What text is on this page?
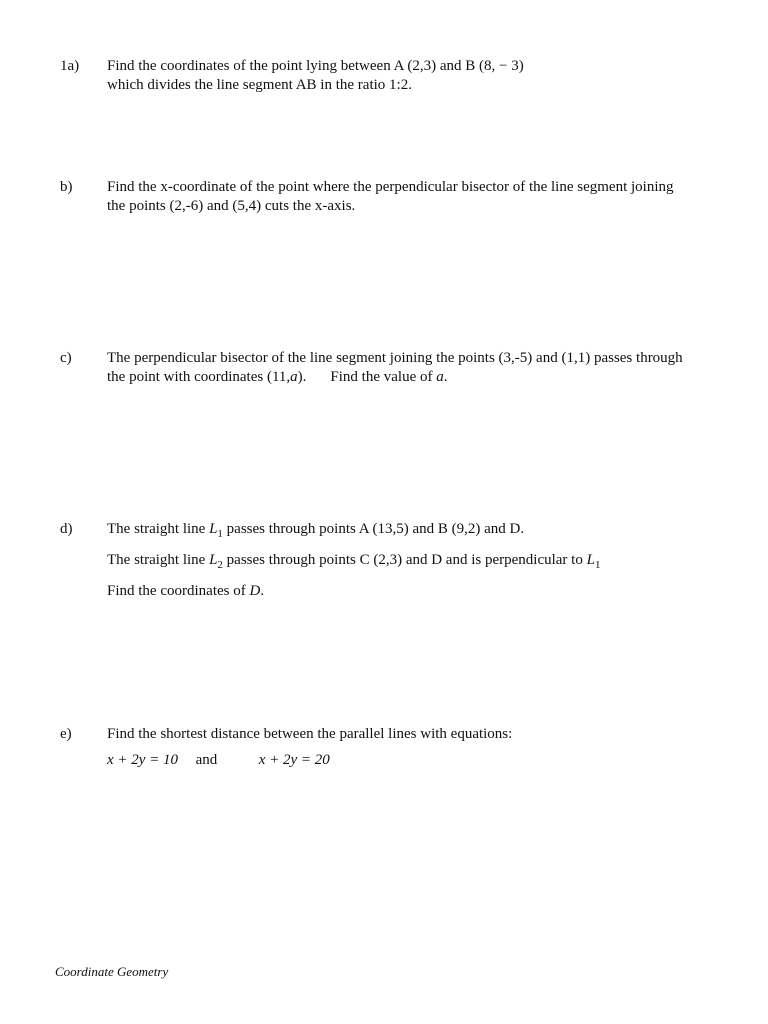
1a) Find the coordinates of the point lying between A (2,3) and B (8, − 3)
which divides the line segment AB in the ratio 1:2.
b) Find the x-coordinate of the point where the perpendicular bisector of the line segment joining
the points (2,-6) and (5,4) cuts the x-axis.
c) The perpendicular bisector of the line segment joining the points (3,-5) and (1,1) passes through
the point with coordinates (11,a). Find the value of a.
d) The straight line $L_1$ passes through points A (13,5) and B (9,2) and D.
The straight line $L_2$ passes through points C (2,3) and D and is perpendicular to $L_1$
Find the coordinates of D.
e) Find the shortest distance between the parallel lines with equations:
x + 2y = 10 and	x + 2y = 20
Coordinate Geometry
